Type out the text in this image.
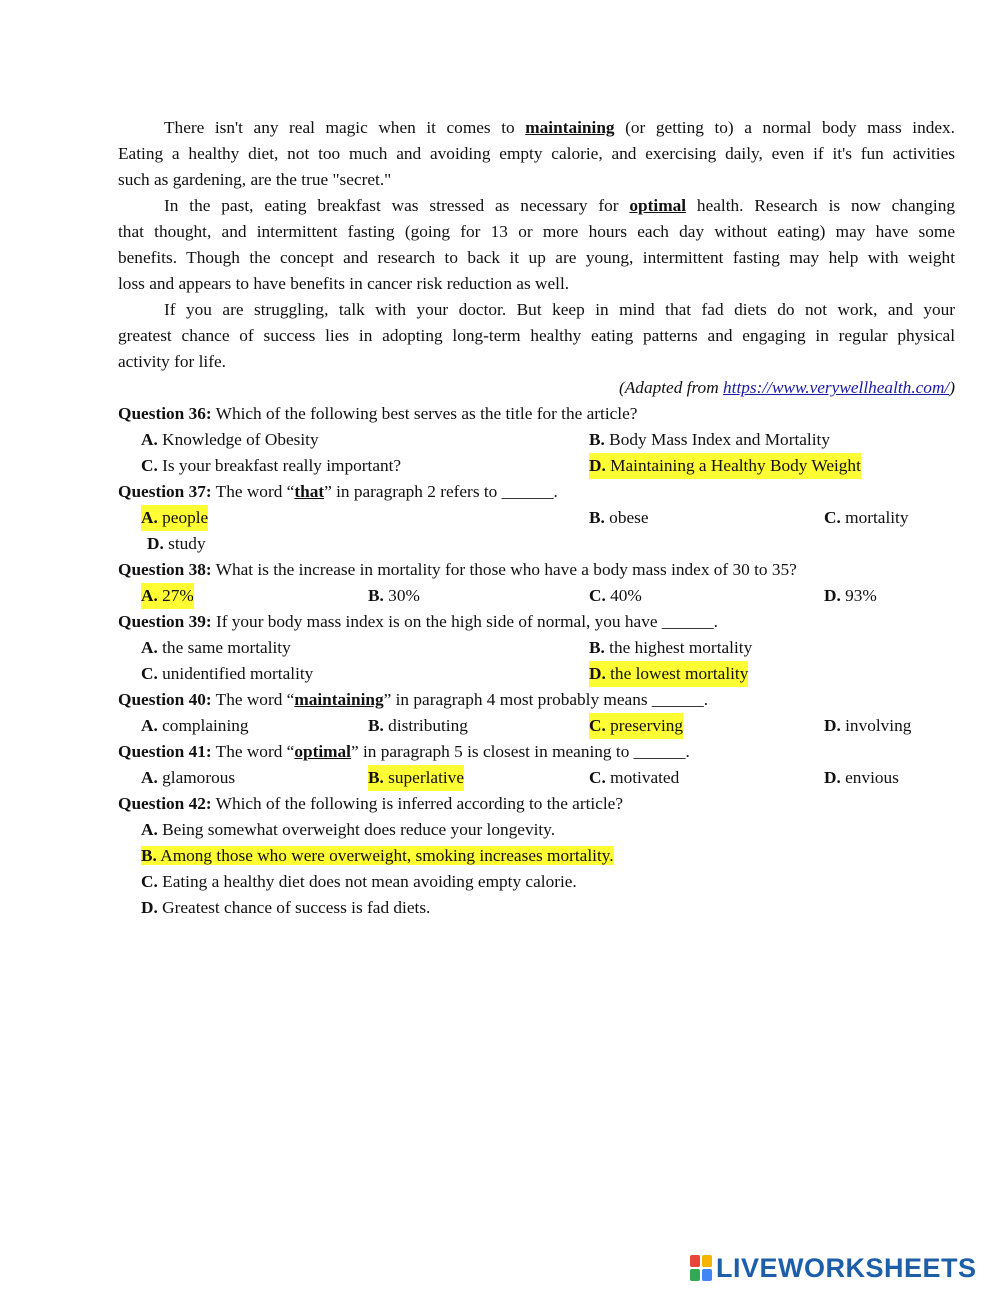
There isn't any real magic when it comes to maintaining (or getting to) a normal body mass index.
Eating a healthy diet, not too much and avoiding empty calorie, and exercising daily, even if it's fun activities
such as gardening, are the true "secret."
In the past, eating breakfast was stressed as necessary for optimal health. Research is now changing
that thought, and intermittent fasting (going for 13 or more hours each day without eating) may have some
benefits. Though the concept and research to back it up are young, intermittent fasting may help with weight
loss and appears to have benefits in cancer risk reduction as well.
If you are struggling, talk with your doctor. But keep in mind that fad diets do not work, and your
greatest chance of success lies in adopting long-term healthy eating patterns and engaging in regular physical
activity for life.
(Adapted from https://www.verywellhealth.com/)
Question 36: Which of the following best serves as the title for the article?
A. Knowledge of Obesity	B. Body Mass Index and Mortality
C. Is your breakfast really important?	D. Maintaining a Healthy Body Weight
Question 37: The word “that” in paragraph 2 refers to ______.
A. people	B. obese	C. mortality
D. study
Question 38: What is the increase in mortality for those who have a body mass index of 30 to 35?
A. 27%	B. 30%	C. 40%	D. 93%
Question 39: If your body mass index is on the high side of normal, you have ______.
A. the same mortality	B. the highest mortality
C. unidentified mortality	D. the lowest mortality
Question 40: The word “maintaining” in paragraph 4 most probably means ______.
A. complaining	B. distributing	C. preserving	D. involving
Question 41: The word “optimal” in paragraph 5 is closest in meaning to ______.
A. glamorous	B. superlative	C. motivated	D. envious
Question 42: Which of the following is inferred according to the article?
A. Being somewhat overweight does reduce your longevity.
B. Among those who were overweight, smoking increases mortality.
C. Eating a healthy diet does not mean avoiding empty calorie.
D. Greatest chance of success is fad diets.
LIVEWORKSHEETS
